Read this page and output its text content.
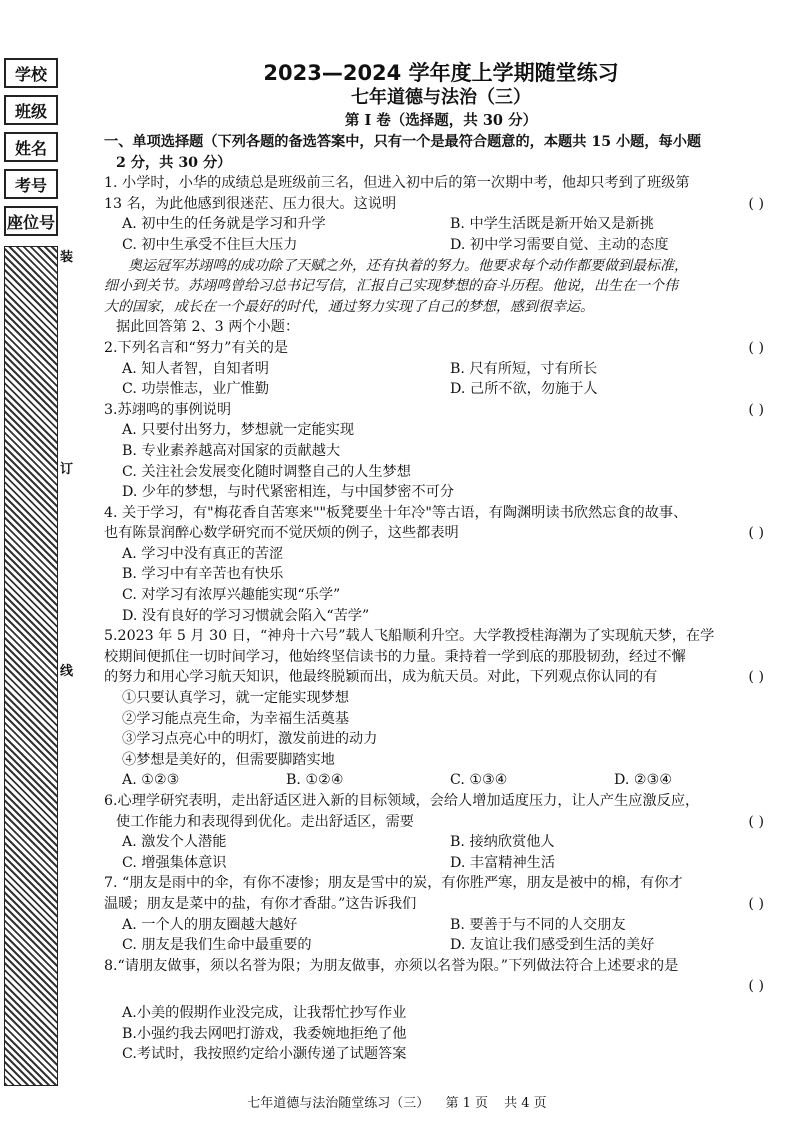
学校
班级
姓名
考号
座位号
装
订
线
2023—2024 学年度上学期随堂练习
七年道德与法治（三）
第 I 卷（选择题，共 30 分）
一、单项选择题（下列各题的备选答案中，只有一个是最符合题意的，本题共 15 小题，每小题
2 分，共 30 分）
1. 小学时，小华的成绩总是班级前三名，但进入初中后的第一次期中考，他却只考到了班级第
13 名，为此他感到很迷茫、压力很大。这说明	( )
A. 初中生的任务就是学习和升学	B. 中学生活既是新开始又是新挑
C. 初中生承受不住巨大压力	D. 初中学习需要自觉、主动的态度
奥运冠军苏翊鸣的成功除了天赋之外，还有执着的努力。他要求每个动作都要做到最标准，
细小到关节。苏翊鸣曾给习总书记写信，汇报自己实现梦想的奋斗历程。他说，出生在一个伟
大的国家，成长在一个最好的时代，通过努力实现了自己的梦想，感到很幸运。
据此回答第 2、3 两个小题：
2.下列名言和“努力”有关的是	( )
A. 知人者智，自知者明	B. 尺有所短，寸有所长
C. 功崇惟志，业广惟勤	D. 己所不欲，勿施于人
3.苏翊鸣的事例说明	( )
A. 只要付出努力，梦想就一定能实现
B. 专业素养越高对国家的贡献越大
C. 关注社会发展变化随时调整自己的人生梦想
D. 少年的梦想，与时代紧密相连，与中国梦密不可分
4. 关于学习，有"梅花香自苦寒来""板凳要坐十年冷"等古语，有陶渊明读书欣然忘食的故事、
也有陈景润醉心数学研究而不觉厌烦的例子，这些都表明	( )
A. 学习中没有真正的苦涩
B. 学习中有辛苦也有快乐
C. 对学习有浓厚兴趣能实现“乐学”
D. 没有良好的学习习惯就会陷入“苦学”
5.2023 年 5 月 30 日，“神舟十六号”载人飞船顺利升空。大学教授桂海潮为了实现航天梦，在学
校期间便抓住一切时间学习，他始终坚信读书的力量。秉持着一学到底的那股韧劲，经过不懈
的努力和用心学习航天知识，他最终脱颖而出，成为航天员。对此，下列观点你认同的有	( )
①只要认真学习，就一定能实现梦想
②学习能点亮生命，为幸福生活奠基
③学习点亮心中的明灯，激发前进的动力
④梦想是美好的，但需要脚踏实地
A. ①②③	B. ①②④	C. ①③④	D. ②③④
6.心理学研究表明，走出舒适区进入新的目标领域，会给人增加适度压力，让人产生应激反应，
使工作能力和表现得到优化。走出舒适区，需要	( )
A. 激发个人潜能	B. 接纳欣赏他人
C. 增强集体意识	D. 丰富精神生活
7. “朋友是雨中的伞，有你不凄惨；朋友是雪中的炭，有你胜严寒，朋友是被中的棉，有你才
温暖；朋友是菜中的盐，有你才香甜。”这告诉我们	( )
A. 一个人的朋友圈越大越好	B. 要善于与不同的人交朋友
C. 朋友是我们生命中最重要的	D. 友谊让我们感受到生活的美好
8.“请朋友做事，须以名誉为限；为朋友做事，亦须以名誉为限。”下列做法符合上述要求的是
( )
A.小美的假期作业没完成，让我帮忙抄写作业
B.小强约我去网吧打游戏，我委婉地拒绝了他
C.考试时，我按照约定给小灏传递了试题答案
七年道德与法治随堂练习（三） 第 1 页 共 4 页
